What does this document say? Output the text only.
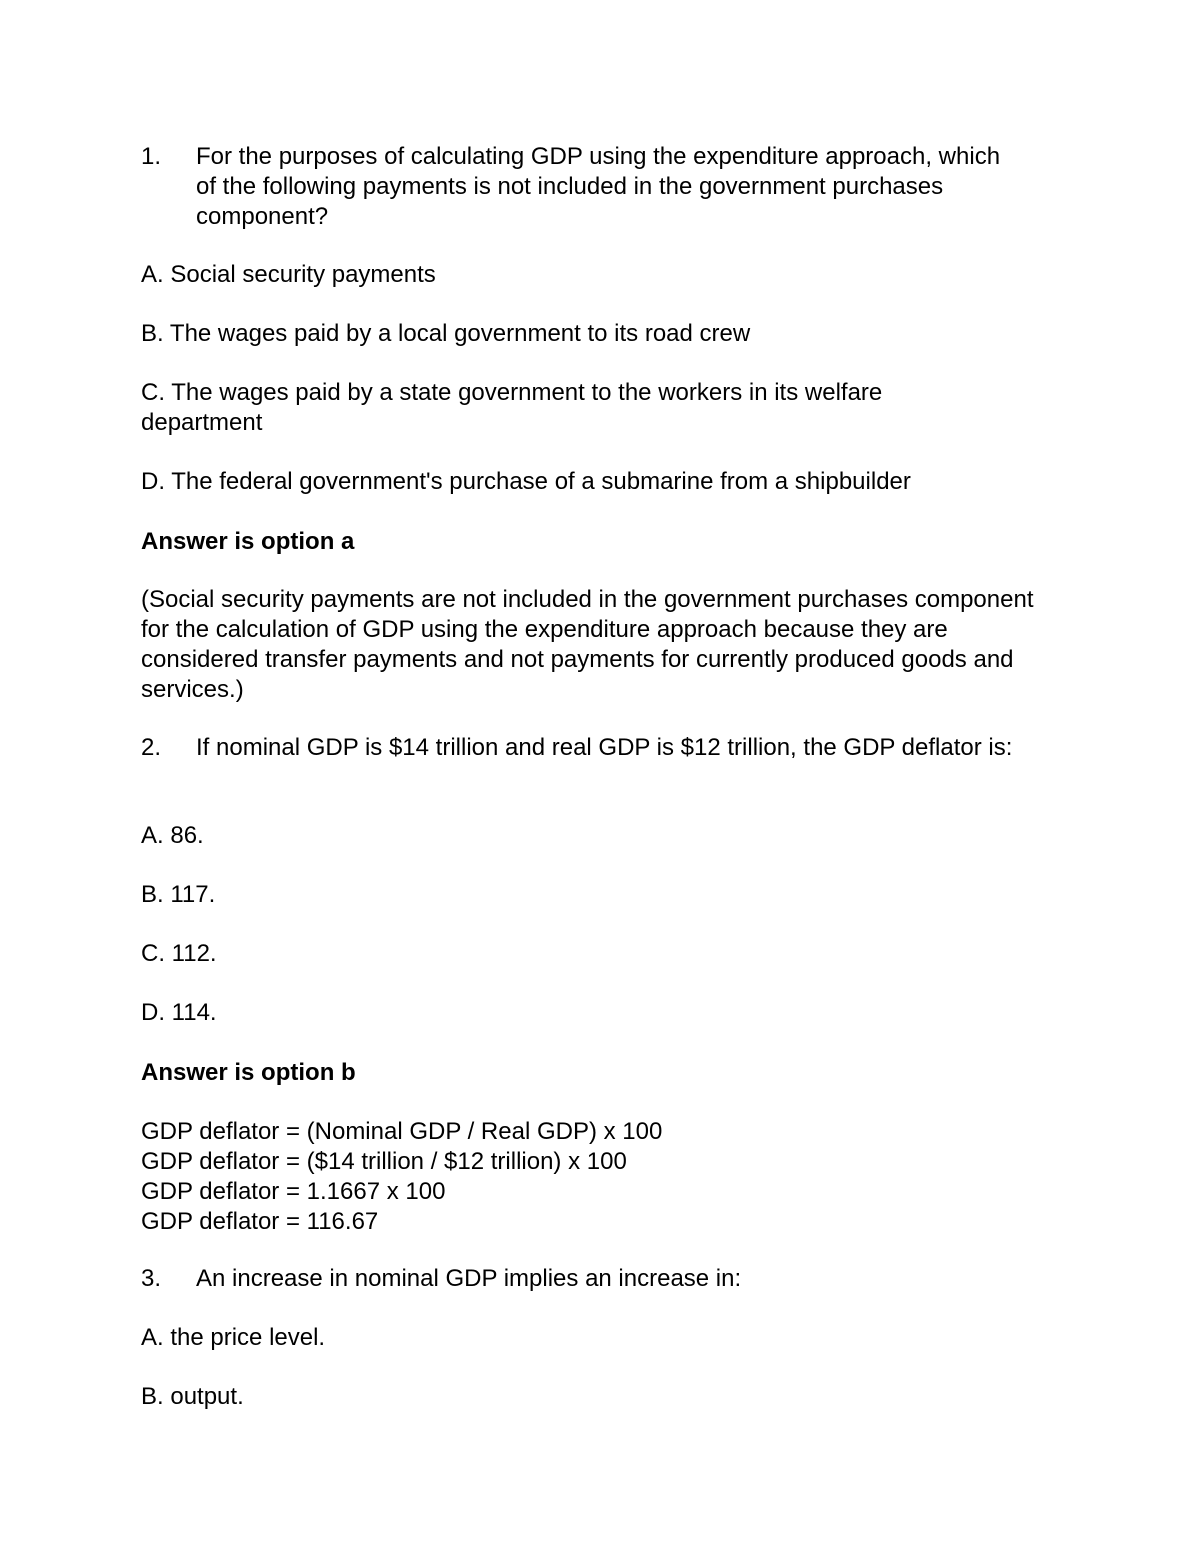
1. For the purposes of calculating GDP using the expenditure approach, which of the following payments is not included in the government purchases component?
A. Social security payments
B. The wages paid by a local government to its road crew
C. The wages paid by a state government to the workers in its welfare department
D. The federal government's purchase of a submarine from a shipbuilder
Answer is option a
(Social security payments are not included in the government purchases component for the calculation of GDP using the expenditure approach because they are considered transfer payments and not payments for currently produced goods and services.)
2. If nominal GDP is $14 trillion and real GDP is $12 trillion, the GDP deflator is:
A. 86.
B. 117.
C. 112.
D. 114.
Answer is option b
GDP deflator = (Nominal GDP / Real GDP) x 100
GDP deflator = ($14 trillion / $12 trillion) x 100
GDP deflator = 1.1667 x 100
GDP deflator = 116.67
3. An increase in nominal GDP implies an increase in:
A. the price level.
B. output.
